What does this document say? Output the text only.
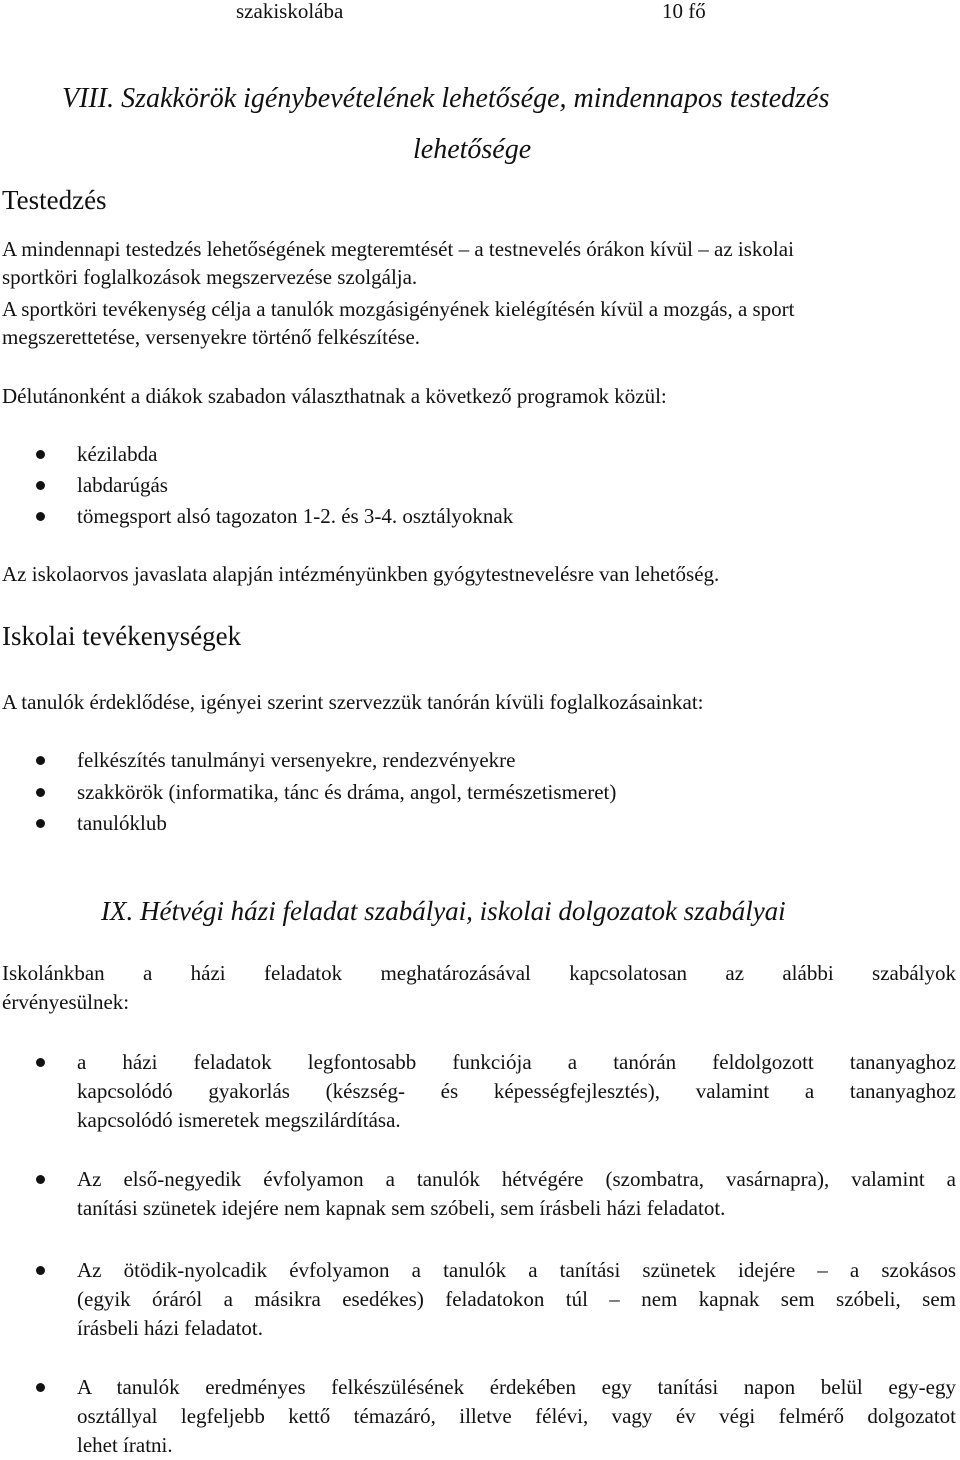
szakiskolába	10 fő
VIII. Szakkörök igénybevételének lehetősége, mindennapos testedzés
lehetősége
Testedzés
A mindennapi testedzés lehetőségének megteremtését – a testnevelés órákon kívül – az iskolai
sportköri foglalkozások megszervezése szolgálja.
A sportköri tevékenység célja a tanulók mozgásigényének kielégítésén kívül a mozgás, a sport
megszerettetése, versenyekre történő felkészítése.
Délutánonként a diákok szabadon választhatnak a következő programok közül:
kézilabda
labdarúgás
tömegsport alsó tagozaton 1-2. és 3-4. osztályoknak
Az iskolaorvos javaslata alapján intézményünkben gyógytestnevelésre van lehetőség.
Iskolai tevékenységek
A tanulók érdeklődése, igényei szerint szervezzük tanórán kívüli foglalkozásainkat:
felkészítés tanulmányi versenyekre, rendezvényekre
szakkörök (informatika, tánc és dráma, angol, természetismeret)
tanulóklub
IX. Hétvégi házi feladat szabályai, iskolai dolgozatok szabályai
Iskolánkban a házi feladatok meghatározásával kapcsolatosan az alábbi szabályok
érvényesülnek:
a házi feladatok legfontosabb funkciója a tanórán feldolgozott tananyaghoz
kapcsolódó gyakorlás (készség- és képességfejlesztés), valamint a tananyaghoz
kapcsolódó ismeretek megszilárdítása.
Az első-negyedik évfolyamon a tanulók hétvégére (szombatra, vasárnapra), valamint a
tanítási szünetek idejére nem kapnak sem szóbeli, sem írásbeli házi feladatot.
Az ötödik-nyolcadik évfolyamon a tanulók a tanítási szünetek idejére – a szokásos
(egyik óráról a másikra esedékes) feladatokon túl – nem kapnak sem szóbeli, sem
írásbeli házi feladatot.
A tanulók eredményes felkészülésének érdekében egy tanítási napon belül egy-egy
osztállyal legfeljebb kettő témazáró, illetve félévi, vagy év végi felmérő dolgozatot
lehet íratni.
